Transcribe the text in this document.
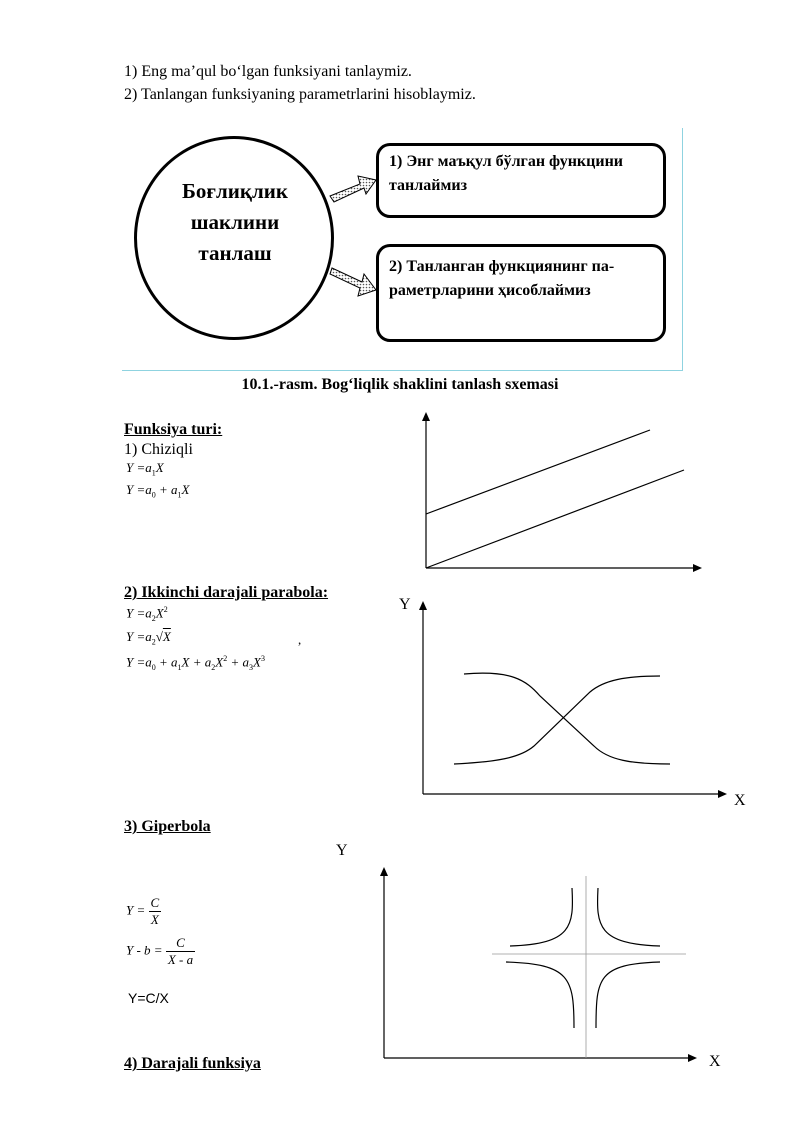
1) Eng ma’qul bo‘lgan funksiyani tanlaymiz.
2) Tanlangan funksiyaning parametrlarini hisoblaymiz.
Боғлиқлик
шаклини
танлаш
1) Энг маъқул бўлган функцини
танлаймиз
2) Танланган функциянинг па-
раметрларини ҳисоблаймиз
10.1.-rasm. Bog‘liqlik shaklini tanlash sxemasi
Funksiya turi:
1) Chiziqli
$Y =a_1X$
$Y =a_0 + a_1X$
2) Ikkinchi darajali parabola:
$Y =a_2X^2$
$Y =a_2√X$	,
$Y =a_0 + a_1X + a_2X^2 + a_3X^3$
Y
X
3) Giperbola
Y
X
$Y = \frac{C}{X}$
$Y - b = \frac{C}{X - a}$
Y=C/X
4) Darajali funksiya
